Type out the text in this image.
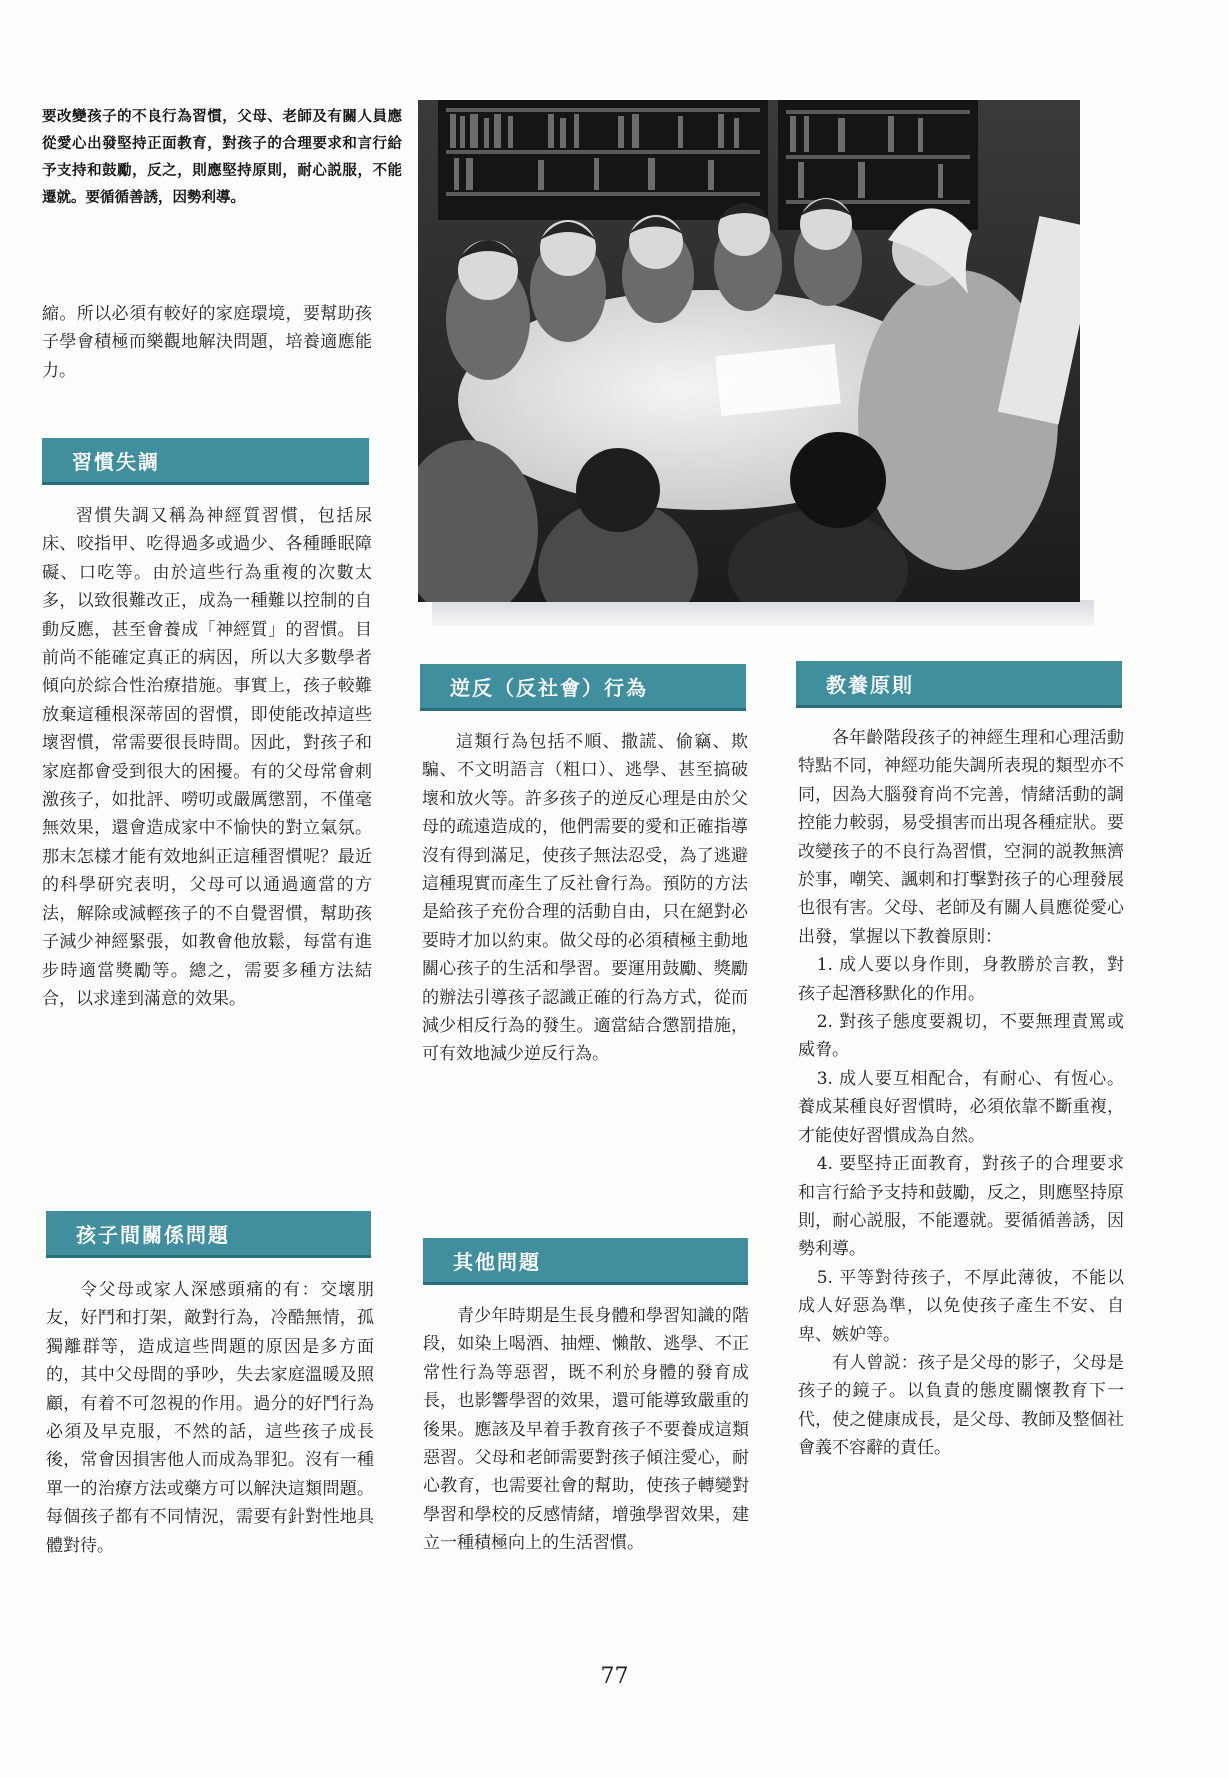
要改變孩子的不良行為習慣，父母、老師及有關人員應從愛心出發堅持正面教育，對孩子的合理要求和言行給予支持和鼓勵，反之，則應堅持原則，耐心説服，不能遷就。要循循善誘，因勢利導。

縮。所以必須有較好的家庭環境，要幫助孩子學會積極而樂觀地解決問題，培養適應能力。

習慣失調

習慣失調又稱為神經質習慣，包括尿床、咬指甲、吃得過多或過少、各種睡眠障礙、口吃等。由於這些行為重複的次數太多，以致很難改正，成為一種難以控制的自動反應，甚至會養成「神經質」的習慣。目前尚不能確定真正的病因，所以大多數學者傾向於綜合性治療措施。事實上，孩子較難放棄這種根深蒂固的習慣，即使能改掉這些壞習慣，常需要很長時間。因此，對孩子和家庭都會受到很大的困擾。有的父母常會刺激孩子，如批評、嘮叨或嚴厲懲罰，不僅毫無效果，還會造成家中不愉快的對立氣氛。那末怎樣才能有效地糾正這種習慣呢？最近的科學研究表明，父母可以通過適當的方法，解除或減輕孩子的不自覺習慣，幫助孩子減少神經緊張，如教會他放鬆，每當有進步時適當獎勵等。總之，需要多種方法結合，以求達到滿意的效果。

孩子間關係問題

令父母或家人深感頭痛的有：交壞朋友，好鬥和打架，敵對行為，冷酷無情，孤獨離群等，造成這些問題的原因是多方面的，其中父母間的爭吵，失去家庭溫暖及照顧，有着不可忽視的作用。過分的好鬥行為必須及早克服，不然的話，這些孩子成長後，常會因損害他人而成為罪犯。沒有一種單一的治療方法或藥方可以解決這類問題。每個孩子都有不同情況，需要有針對性地具體對待。

逆反（反社會）行為

這類行為包括不順、撒謊、偷竊、欺騙、不文明語言（粗口）、逃學、甚至搞破壞和放火等。許多孩子的逆反心理是由於父母的疏遠造成的，他們需要的愛和正確指導沒有得到滿足，使孩子無法忍受，為了逃避這種現實而產生了反社會行為。預防的方法是給孩子充份合理的活動自由，只在絕對必要時才加以約束。做父母的必須積極主動地關心孩子的生活和學習。要運用鼓勵、獎勵的辦法引導孩子認識正確的行為方式，從而減少相反行為的發生。適當結合懲罰措施，可有效地減少逆反行為。

其他問題

青少年時期是生長身體和學習知識的階段，如染上喝酒、抽煙、懶散、逃學、不正常性行為等惡習，既不利於身體的發育成長，也影響學習的效果，還可能導致嚴重的後果。應該及早着手教育孩子不要養成這類惡習。父母和老師需要對孩子傾注愛心，耐心教育，也需要社會的幫助，使孩子轉變對學習和學校的反感情緒，增強學習效果，建立一種積極向上的生活習慣。

教養原則

各年齡階段孩子的神經生理和心理活動特點不同，神經功能失調所表現的類型亦不同，因為大腦發育尚不完善，情緒活動的調控能力較弱，易受損害而出現各種症狀。要改變孩子的不良行為習慣，空洞的説教無濟於事，嘲笑、諷刺和打擊對孩子的心理發展也很有害。父母、老師及有關人員應從愛心出發，掌握以下教養原則：

1. 成人要以身作則，身教勝於言教，對孩子起潛移默化的作用。

2. 對孩子態度要親切，不要無理責罵或威脅。

3. 成人要互相配合，有耐心、有恆心。養成某種良好習慣時，必須依靠不斷重複，才能使好習慣成為自然。

4. 要堅持正面教育，對孩子的合理要求和言行給予支持和鼓勵，反之，則應堅持原則，耐心説服，不能遷就。要循循善誘，因勢利導。

5. 平等對待孩子，不厚此薄彼，不能以成人好惡為準，以免使孩子產生不安、自卑、嫉妒等。

有人曾説：孩子是父母的影子，父母是孩子的鏡子。以負責的態度關懷教育下一代，使之健康成長，是父母、教師及整個社會義不容辭的責任。

77
